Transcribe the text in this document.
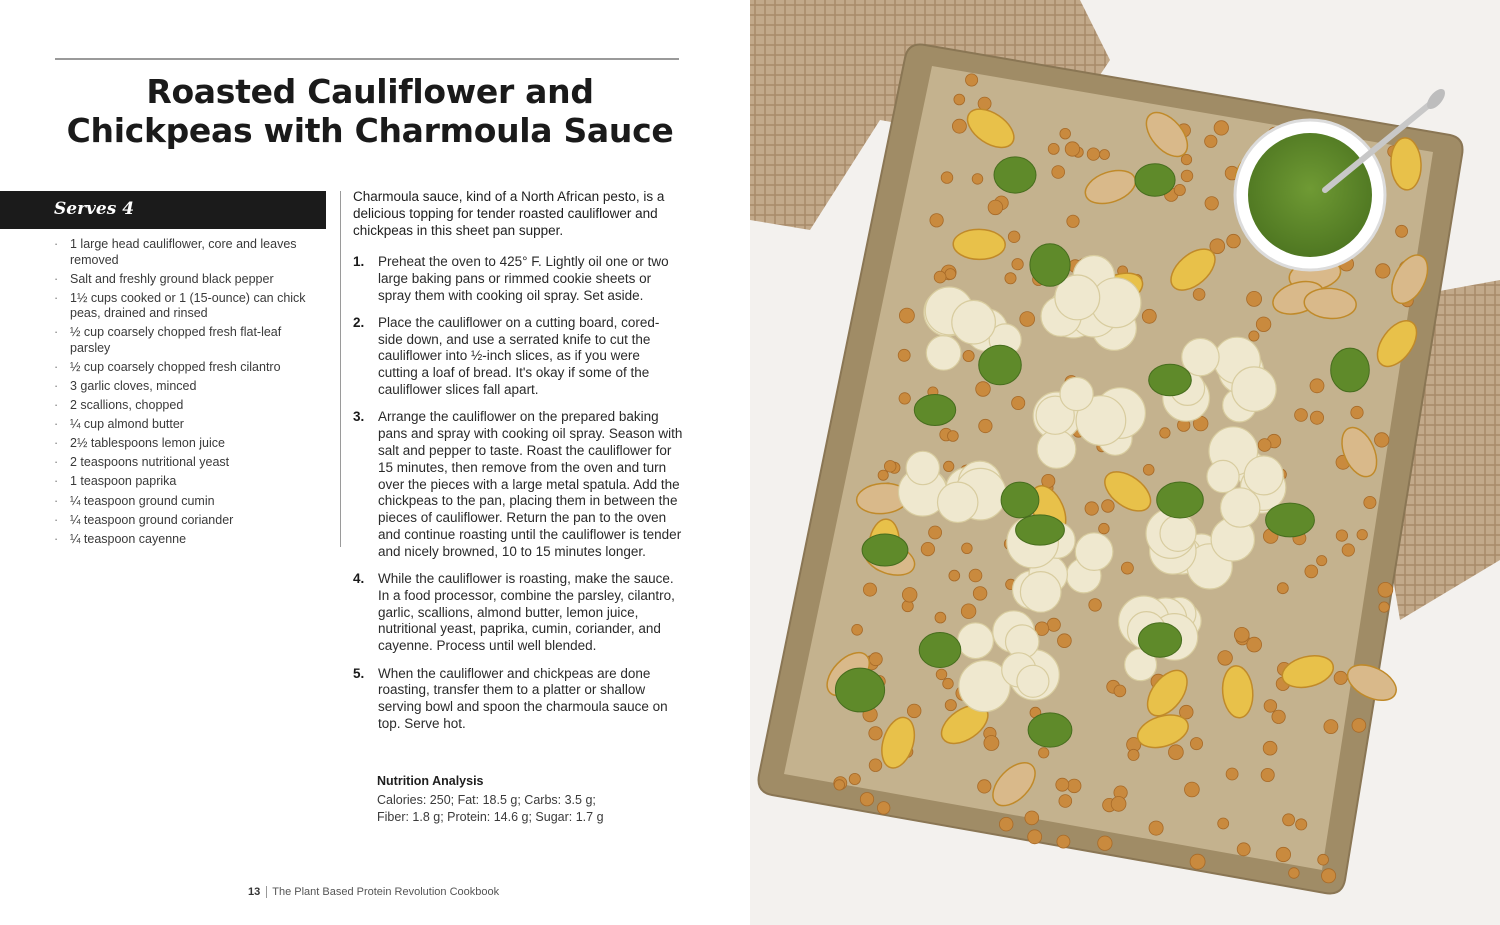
Roasted Cauliflower and
Chickpeas with Charmoula Sauce
Serves 4
· 1 large head cauliflower, core and leaves removed
· Salt and freshly ground black pepper
· 1½ cups cooked or 1 (15-ounce) can chick peas, drained and rinsed
· ½ cup coarsely chopped fresh flat-leaf parsley
· ½ cup coarsely chopped fresh cilantro
· 3 garlic cloves, minced
· 2 scallions, chopped
· ¼ cup almond butter
· 2½ tablespoons lemon juice
· 2 teaspoons nutritional yeast
· 1 teaspoon paprika
· ¼ teaspoon ground cumin
· ¼ teaspoon ground coriander
· ¼ teaspoon cayenne

Charmoula sauce, kind of a North African pesto, is a delicious topping for tender roasted cauliflower and chickpeas in this sheet pan supper.

1. Preheat the oven to 425° F. Lightly oil one or two large baking pans or rimmed cookie sheets or spray them with cooking oil spray. Set aside.
2. Place the cauliflower on a cutting board, cored-side down, and use a serrated knife to cut the cauliflower into ½-inch slices, as if you were cutting a loaf of bread. It's okay if some of the cauliflower slices fall apart.
3. Arrange the cauliflower on the prepared baking pans and spray with cooking oil spray. Season with salt and pepper to taste. Roast the cauliflower for 15 minutes, then remove from the oven and turn over the pieces with a large metal spatula. Add the chickpeas to the pan, placing them in between the pieces of cauliflower. Return the pan to the oven and continue roasting until the cauliflower is tender and nicely browned, 10 to 15 minutes longer.
4. While the cauliflower is roasting, make the sauce. In a food processor, combine the parsley, cilantro, garlic, scallions, almond butter, lemon juice, nutritional yeast, paprika, cumin, coriander, and cayenne. Process until well blended.
5. When the cauliflower and chickpeas are done roasting, transfer them to a platter or shallow serving bowl and spoon the charmoula sauce on top. Serve hot.
Nutrition Analysis
Calories: 250; Fat: 18.5 g; Carbs: 3.5 g;
Fiber: 1.8 g; Protein: 14.6 g; Sugar: 1.7 g
13 The Plant Based Protein Revolution Cookbook
